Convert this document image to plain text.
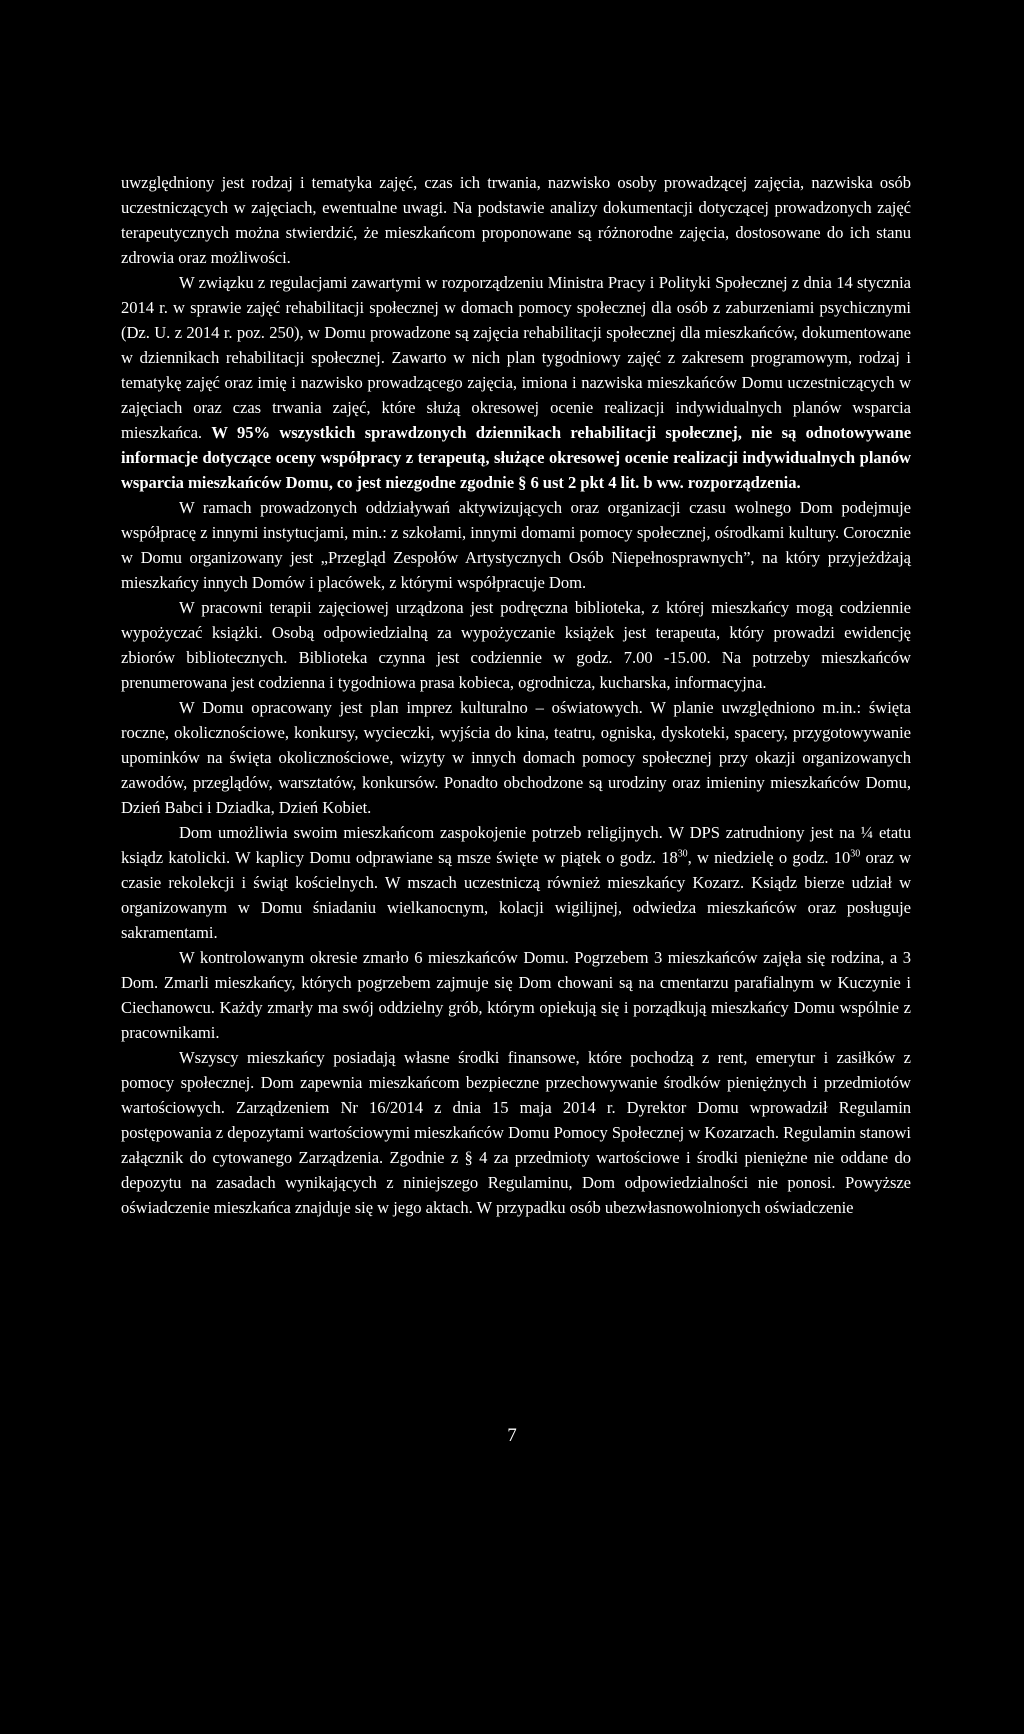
uwzględniony jest rodzaj i tematyka zajęć, czas ich trwania, nazwisko osoby prowadzącej zajęcia, nazwiska osób uczestniczących w zajęciach, ewentualne uwagi. Na podstawie analizy dokumentacji dotyczącej prowadzonych zajęć terapeutycznych można stwierdzić, że mieszkańcom proponowane są różnorodne zajęcia, dostosowane do ich stanu zdrowia oraz możliwości.

W związku z regulacjami zawartymi w rozporządzeniu Ministra Pracy i Polityki Społecznej z dnia 14 stycznia 2014 r. w sprawie zajęć rehabilitacji społecznej w domach pomocy społecznej dla osób z zaburzeniami psychicznymi (Dz. U. z 2014 r. poz. 250), w Domu prowadzone są zajęcia rehabilitacji społecznej dla mieszkańców, dokumentowane w dziennikach rehabilitacji społecznej. Zawarto w nich plan tygodniowy zajęć z zakresem programowym, rodzaj i tematykę zajęć oraz imię i nazwisko prowadzącego zajęcia, imiona i nazwiska mieszkańców Domu uczestniczących w zajęciach oraz czas trwania zajęć, które służą okresowej ocenie realizacji indywidualnych planów wsparcia mieszkańca. W 95% wszystkich sprawdzonych dziennikach rehabilitacji społecznej, nie są odnotowywane informacje dotyczące oceny współpracy z terapeutą, służące okresowej ocenie realizacji indywidualnych planów wsparcia mieszkańców Domu, co jest niezgodne zgodnie § 6 ust 2 pkt 4 lit. b ww. rozporządzenia.

W ramach prowadzonych oddziaływań aktywizujących oraz organizacji czasu wolnego Dom podejmuje współpracę z innymi instytucjami, min.: z szkołami, innymi domami pomocy społecznej, ośrodkami kultury. Corocznie w Domu organizowany jest „Przegląd Zespołów Artystycznych Osób Niepełnosprawnych”, na który przyjeżdżają mieszkańcy innych Domów i placówek, z którymi współpracuje Dom.

W pracowni terapii zajęciowej urządzona jest podręczna biblioteka, z której mieszkańcy mogą codziennie wypożyczać książki. Osobą odpowiedzialną za wypożyczanie książek jest terapeuta, który prowadzi ewidencję zbiorów bibliotecznych. Biblioteka czynna jest codziennie w godz. 7.00 -15.00. Na potrzeby mieszkańców prenumerowana jest codzienna i tygodniowa prasa kobieca, ogrodnicza, kucharska, informacyjna.

W Domu opracowany jest plan imprez kulturalno – oświatowych. W planie uwzględniono m.in.: święta roczne, okolicznościowe, konkursy, wycieczki, wyjścia do kina, teatru, ogniska, dyskoteki, spacery, przygotowywanie upominków na święta okolicznościowe, wizyty w innych domach pomocy społecznej przy okazji organizowanych zawodów, przeglądów, warsztatów, konkursów. Ponadto obchodzone są urodziny oraz imieniny mieszkańców Domu, Dzień Babci i Dziadka, Dzień Kobiet.

Dom umożliwia swoim mieszkańcom zaspokojenie potrzeb religijnych. W DPS zatrudniony jest na ¼ etatu ksiądz katolicki. W kaplicy Domu odprawiane są msze święte w piątek o godz. $18^{30}$, w niedzielę o godz. $10^{30}$ oraz w czasie rekolekcji i świąt kościelnych. W mszach uczestniczą również mieszkańcy Kozarz. Ksiądz bierze udział w organizowanym w Domu śniadaniu wielkanocnym, kolacji wigilijnej, odwiedza mieszkańców oraz posługuje sakramentami.

W kontrolowanym okresie zmarło 6 mieszkańców Domu. Pogrzebem 3 mieszkańców zajęła się rodzina, a 3 Dom. Zmarli mieszkańcy, których pogrzebem zajmuje się Dom chowani są na cmentarzu parafialnym w Kuczynie i Ciechanowcu. Każdy zmarły ma swój oddzielny grób, którym opiekują się i porządkują mieszkańcy Domu wspólnie z pracownikami.

Wszyscy mieszkańcy posiadają własne środki finansowe, które pochodzą z rent, emerytur i zasiłków z pomocy społecznej. Dom zapewnia mieszkańcom bezpieczne przechowywanie środków pieniężnych i przedmiotów wartościowych. Zarządzeniem Nr 16/2014 z dnia 15 maja 2014 r. Dyrektor Domu wprowadził Regulamin postępowania z depozytami wartościowymi mieszkańców Domu Pomocy Społecznej w Kozarzach. Regulamin stanowi załącznik do cytowanego Zarządzenia. Zgodnie z § 4 za przedmioty wartościowe i środki pieniężne nie oddane do depozytu na zasadach wynikających z niniejszego Regulaminu, Dom odpowiedzialności nie ponosi. Powyższe oświadczenie mieszkańca znajduje się w jego aktach. W przypadku osób ubezwłasnowolnionych oświadczenie

7
